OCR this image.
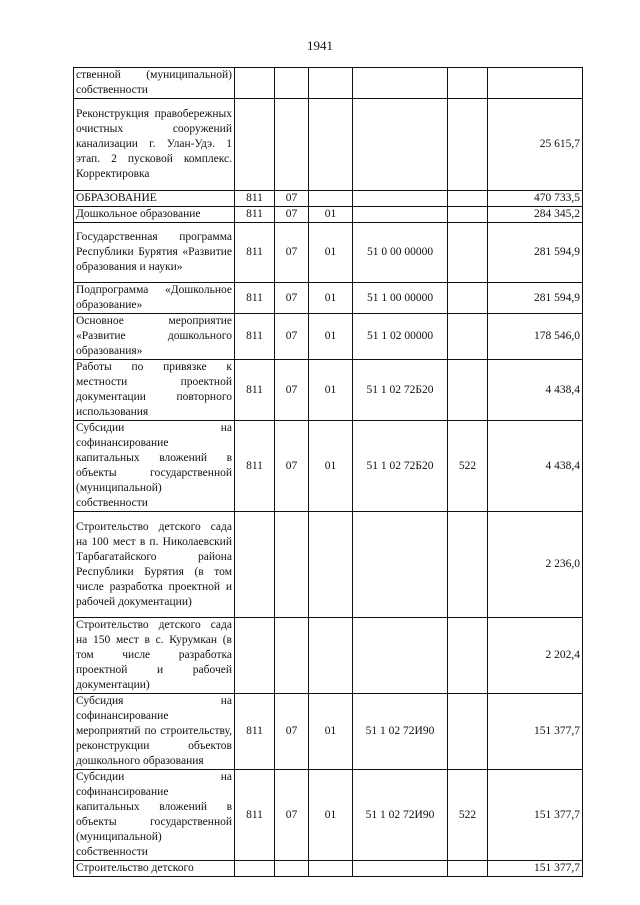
1941
ственной (муниципальной) собственности						
Реконструкция правобережных очистных сооружений канализации г. Улан-Удэ. 1 этап. 2 пусковой комплекс. Корректировка						25 615,7
ОБРАЗОВАНИЕ	811	07				470 733,5
Дошкольное образование	811	07	01			284 345,2
Государственная программа Республики Бурятия «Развитие образования и науки»	811	07	01	51 0 00 00000		281 594,9
Подпрограмма «Дошкольное образование»	811	07	01	51 1 00 00000		281 594,9
Основное мероприятие «Развитие дошкольного образования»	811	07	01	51 1 02 00000		178 546,0
Работы по привязке к местности проектной документации повторного использования	811	07	01	51 1 02 72Б20		4 438,4
Субсидии на софинансирование капитальных вложений в объекты государственной (муниципальной) собственности	811	07	01	51 1 02 72Б20	522	4 438,4
Строительство детского сада на 100 мест в п. Николаевский Тарбагатайского района Республики Бурятия (в том числе разработка проектной и рабочей документации)						2 236,0
Строительство детского сада на 150 мест в с. Курумкан (в том числе разработка проектной и рабочей документации)						2 202,4
Субсидия на софинансирование мероприятий по строительству, реконструкции объектов дошкольного образования	811	07	01	51 1 02 72И90		151 377,7
Субсидии на софинансирование капитальных вложений в объекты государственной (муниципальной) собственности	811	07	01	51 1 02 72И90	522	151 377,7
Строительство детского						151 377,7
